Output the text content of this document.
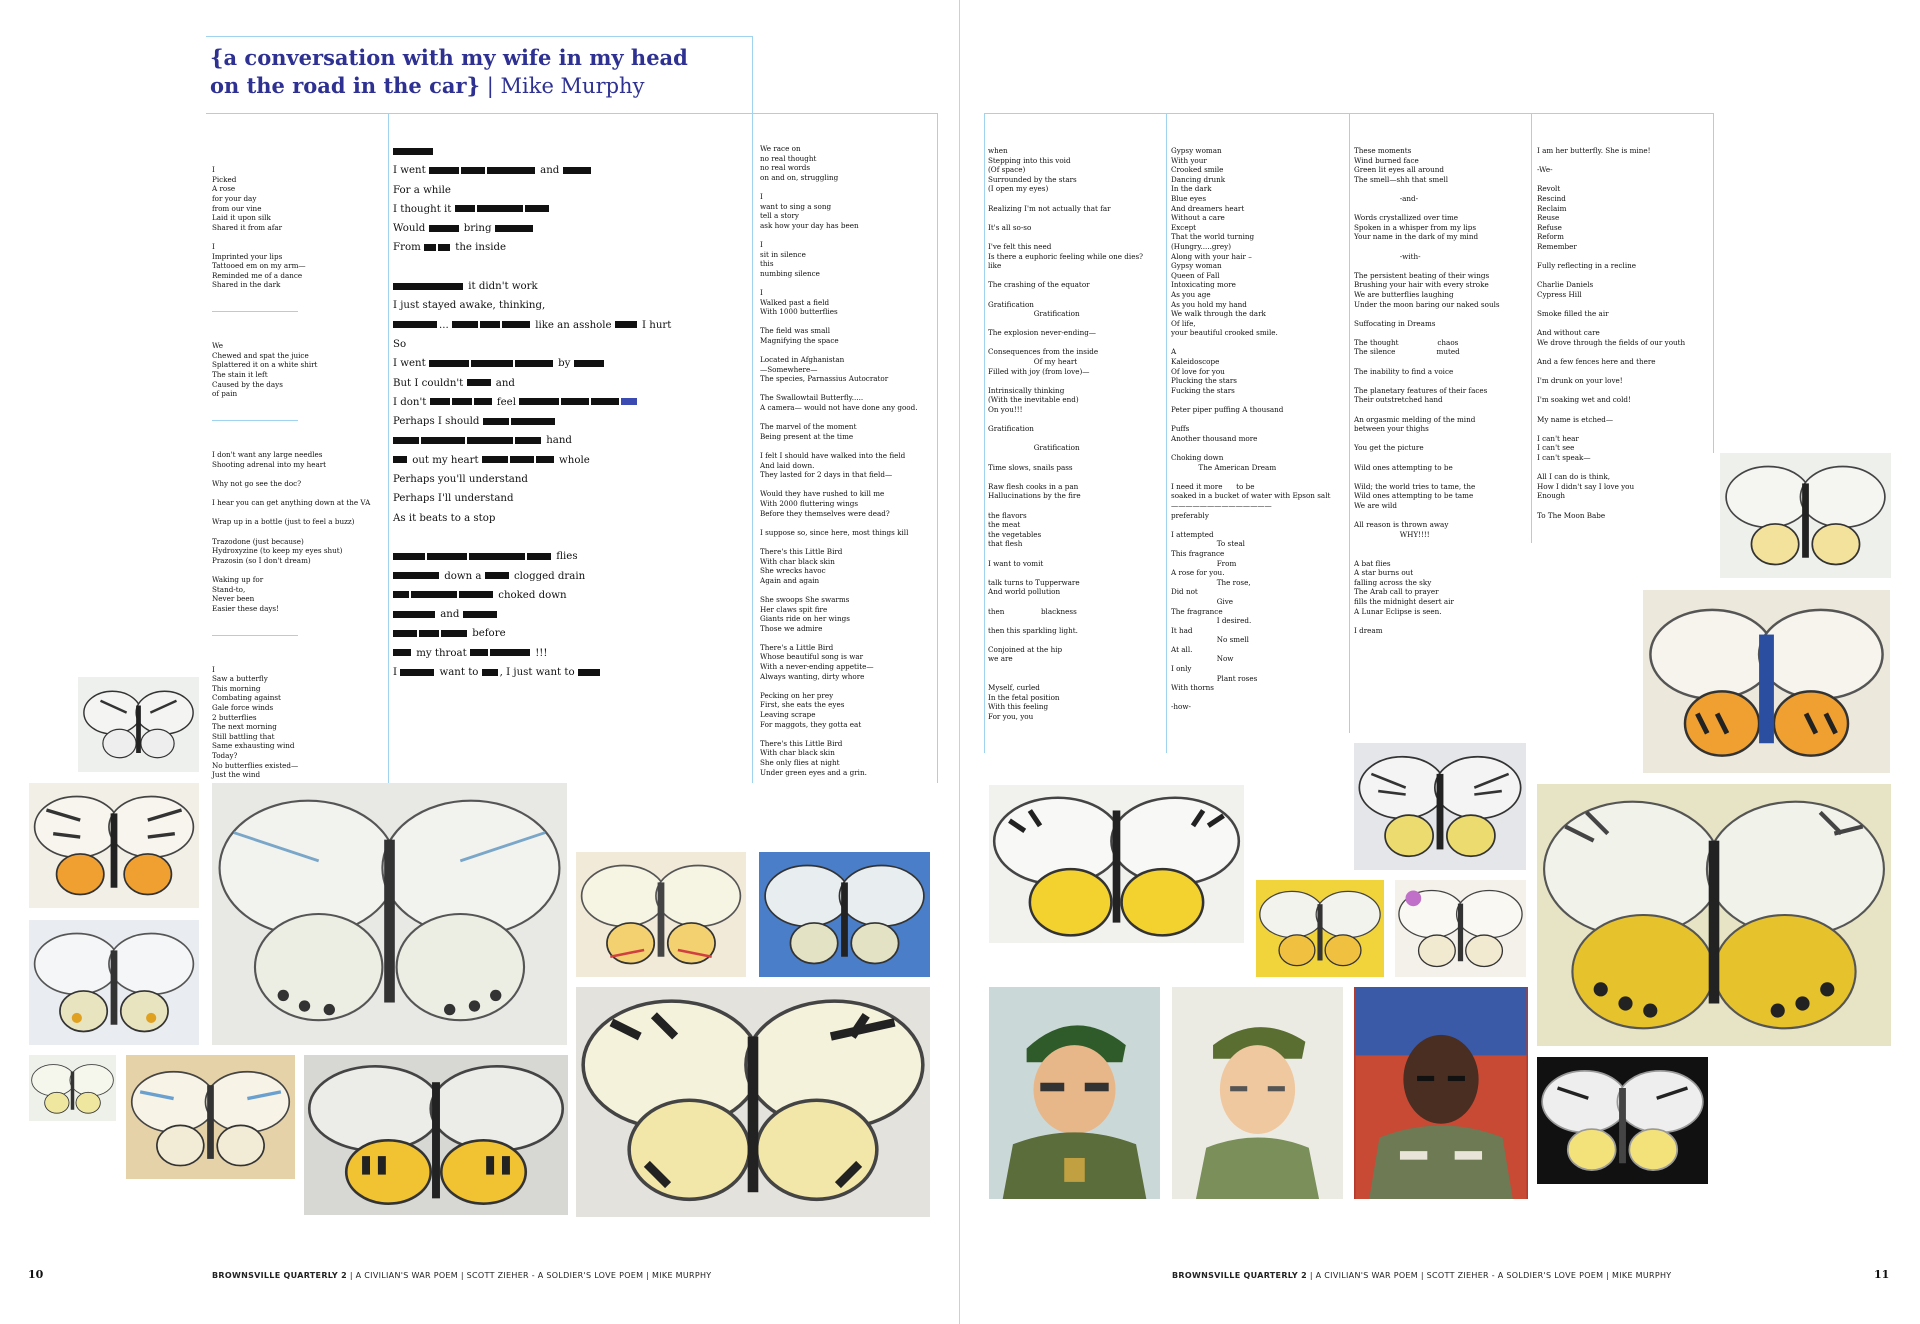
{a conversation with my wife in my head
on the road in the car} | Mike Murphy

I
Picked
A rose
for your day
from our vine
Laid it upon silk
Shared it from afar

I
Imprinted your lips
Tattooed em on my arm—
Reminded me of a dance
Shared in the dark

We
Chewed and spat the juice
Splattered it on a white shirt
The stain it left
Caused by the days
of pain

I don't want any large needles
Shooting adrenal into my heart

Why not go see the doc?

I hear you can get anything down at the VA

Wrap up in a bottle (just to feel a buzz)

Trazodone (just because)
Hydroxyzine (to keep my eyes shut)
Prazosin (so I don't dream)

Waking up for
Stand-to,
Never been
Easier these days!

I
Saw a butterfly
This morning
Combating against
Gale force winds
2 butterflies
The next morning
Still battling that
Same exhausting wind
Today?
No butterflies existed—
Just the wind

I went	and
For a while
I thought it
Would	bring
From	the inside
it didn't work
I just stayed awake, thinking,
...	like an asshole  I hurt
So
I went	by
But I couldn't	and
I don't	feel
Perhaps I should
hand
out my heart	whole
Perhaps you'll understand
Perhaps I'll understand
As it beats to a stop
flies
down a	clogged drain
choked down
and
before
my throat	!!!
I	want to , I just want to
We race on
no real thought
no real words
on and on, struggling

I
want to sing a song
tell a story
ask how your day has been

I
sit in silence
this
numbing silence

I
Walked past a field
With 1000 butterflies

The field was small
Magnifying the space

Located in Afghanistan
—Somewhere—
The species, Parnassius Autocrator

The Swallowtail Butterfly.....
A camera— would not have done any good.

The marvel of the moment
Being present at the time

I felt I should have walked into the field
And laid down.
They lasted for 2 days in that field—

Would they have rushed to kill me
With 2000 fluttering wings
Before they themselves were dead?

I suppose so, since here, most things kill

There's this Little Bird
With char black skin
She wrecks havoc
Again and again

She swoops She swarms
Her claws spit fire
Giants ride on her wings
Those we admire

There's a Little Bird
Whose beautiful song is war
With a never-ending appetite—
Always wanting, dirty whore

Pecking on her prey
First, she eats the eyes
Leaving scrape
For maggots, they gotta eat

There's this Little Bird
With char black skin
She only flies at night
Under green eyes and a grin.
when
Stepping into this void
(Of space)
Surrounded by the stars
(I open my eyes)

Realizing I'm not actually that far

It's all so-so

I've felt this need
Is there a euphoric feeling while one dies?
like

The crashing of the equator

Gratification
Gratification

The explosion never-ending—

Consequences from the inside
Of my heart
Filled with joy (from love)—

Intrinsically thinking
(With the inevitable end)
On you!!!

Gratification

Gratification

Time slows, snails pass

Raw flesh cooks in a pan
Hallucinations by the fire

the flavors
the meat
the vegetables
that flesh

I want to vomit

talk turns to Tupperware
And world pollution

then                blackness

then this sparkling light.

Conjoined at the hip
we are

Myself, curled
In the fetal position
With this feeling
For you, you
Gypsy woman
With your
Crooked smile
Dancing drunk
In the dark
Blue eyes
And dreamers heart
Without a care
Except
That the world turning
(Hungry.....grey)
Along with your hair –
Gypsy woman
Queen of Fall
Intoxicating more
As you age
As you hold my hand
We walk through the dark
Of life,
your beautiful crooked smile.

A
Kaleidoscope
Of love for you
Plucking the stars
Fucking the stars

Peter piper puffing A thousand

Puffs
Another thousand more

Choking down
The American Dream

I need it more      to be
soaked in a bucket of water with Epson salt
——————————————
preferably

I attempted
To steal
This fragrance
From
A rose for you.
The rose,
Did not
Give
The fragrance
I desired.
It had
No smell
At all.
Now
I only
Plant roses
With thorns

-how-
These moments
Wind burned face
Green lit eyes all around
The smell—shh that smell

-and-

Words crystallized over time
Spoken in a whisper from my lips
Your name in the dark of my mind

-with-

The persistent beating of their wings
Brushing your hair with every stroke
We are butterflies laughing
Under the moon baring our naked souls

Suffocating in Dreams

The thought                 chaos
The silence                  muted

The inability to find a voice

The planetary features of their faces
Their outstretched hand

An orgasmic melding of the mind
between your thighs

You get the picture

Wild ones attempting to be

Wild; the world tries to tame, the
Wild ones attempting to be tame
We are wild

All reason is thrown away
WHY!!!!

A bat flies
A star burns out
falling across the sky
The Arab call to prayer
fills the midnight desert air
A Lunar Eclipse is seen.

I dream
I am her butterfly. She is mine!

-We-

Revolt
Rescind
Reclaim
Reuse
Refuse
Reform
Remember

Fully reflecting in a recline

Charlie Daniels
Cypress Hill

Smoke filled the air

And without care
We drove through the fields of our youth

And a few fences here and there

I'm drunk on your love!

I'm soaking wet and cold!

My name is etched—

I can't hear
I can't see
I can't speak—

All I can do is think,
How I didn't say I love you
Enough

To The Moon Babe
10	BROWNSVILLE QUARTERLY 2 | A CIVILIAN'S WAR POEM | SCOTT ZIEHER - A SOLDIER'S LOVE POEM | MIKE MURPHY	BROWNSVILLE QUARTERLY 2 | A CIVILIAN'S WAR POEM | SCOTT ZIEHER - A SOLDIER'S LOVE POEM | MIKE MURPHY	11
